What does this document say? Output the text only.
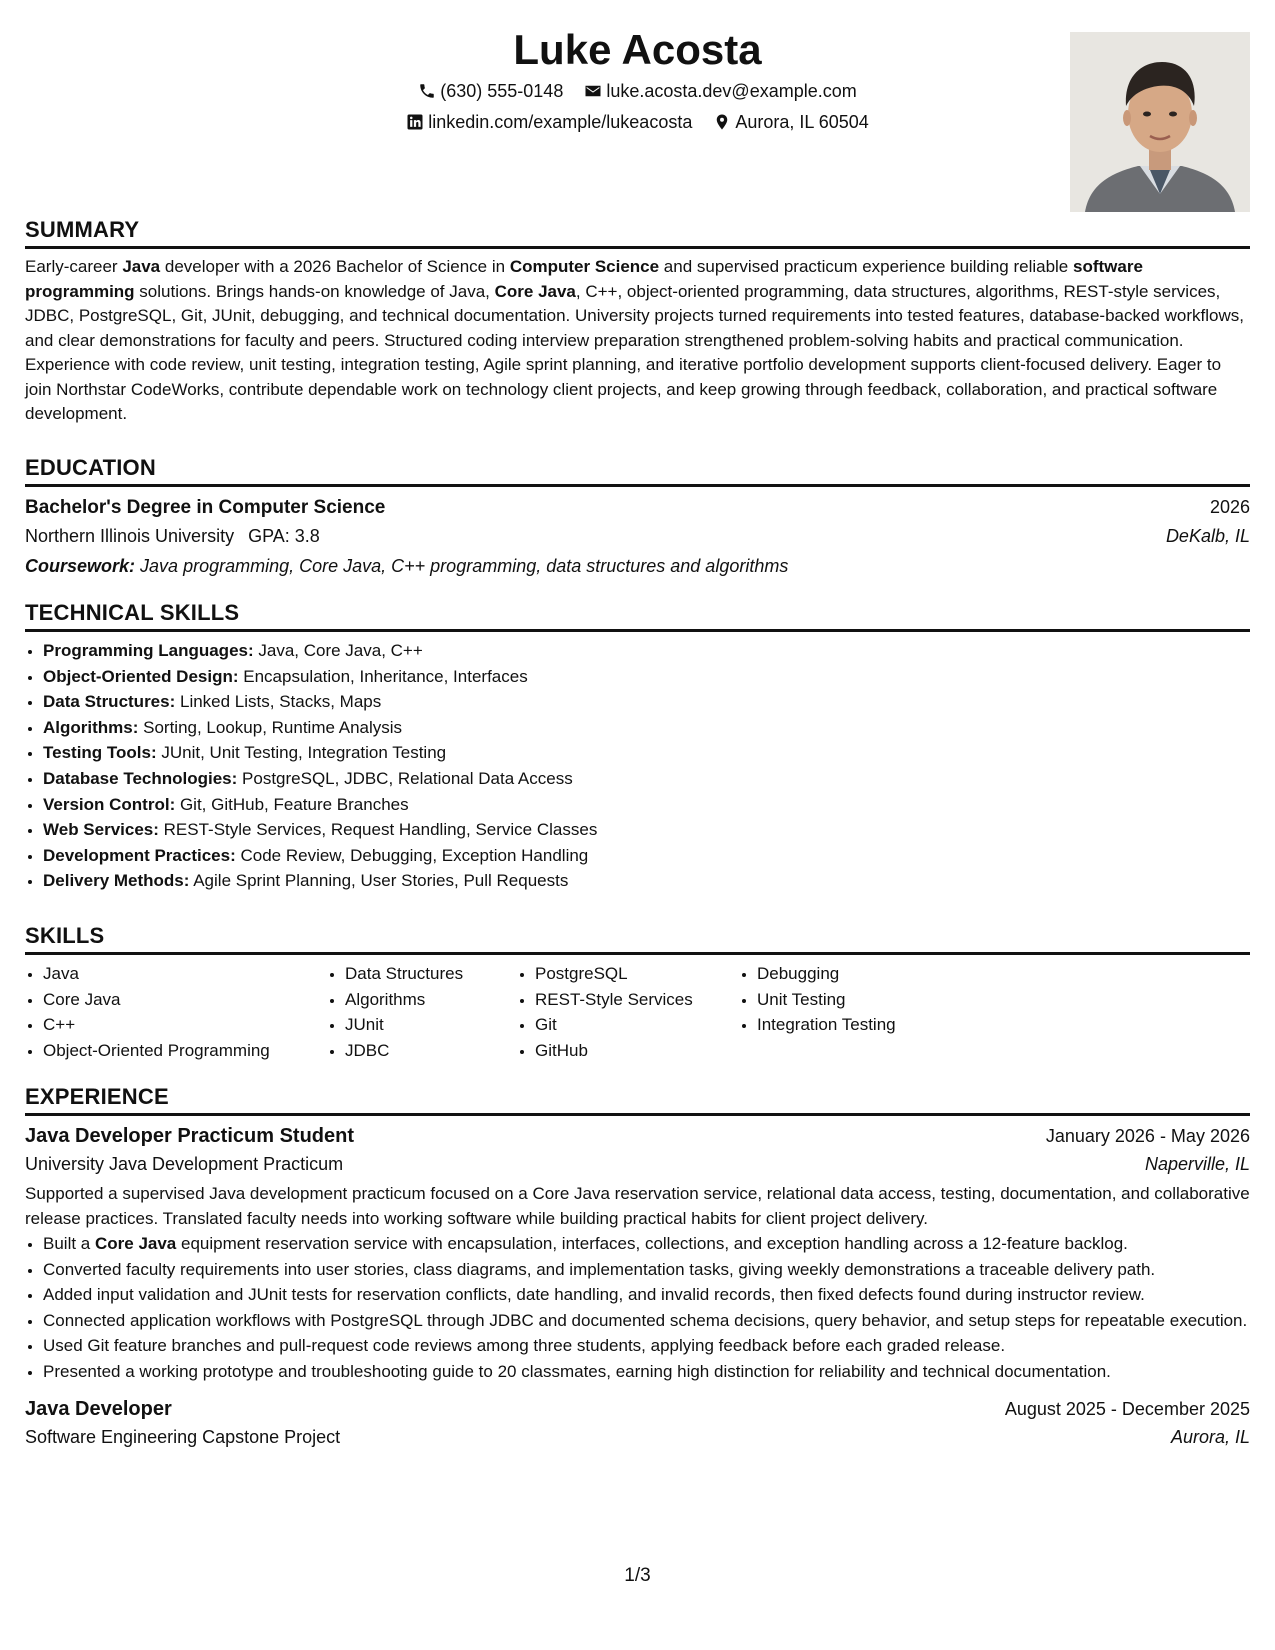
Luke Acosta
(630) 555-0148
luke.acosta.dev@example.com
linkedin.com/example/lukeacosta
Aurora, IL 60504
SUMMARY
Early-career Java developer with a 2026 Bachelor of Science in Computer Science and supervised practicum experience building reliable software programming solutions. Brings hands-on knowledge of Java, Core Java, C++, object-oriented programming, data structures, algorithms, REST-style services, JDBC, PostgreSQL, Git, JUnit, debugging, and technical documentation. University projects turned requirements into tested features, database-backed workflows, and clear demonstrations for faculty and peers. Structured coding interview preparation strengthened problem-solving habits and practical communication. Experience with code review, unit testing, integration testing, Agile sprint planning, and iterative portfolio development supports client-focused delivery. Eager to join Northstar CodeWorks, contribute dependable work on technology client projects, and keep growing through feedback, collaboration, and practical software development.
EDUCATION
Bachelor's Degree in Computer Science	2026
Northern Illinois University GPA: 3.8	DeKalb, IL
Coursework: Java programming, Core Java, C++ programming, data structures and algorithms
TECHNICAL SKILLS
• Programming Languages: Java, Core Java, C++
• Object-Oriented Design: Encapsulation, Inheritance, Interfaces
• Data Structures: Linked Lists, Stacks, Maps
• Algorithms: Sorting, Lookup, Runtime Analysis
• Testing Tools: JUnit, Unit Testing, Integration Testing
• Database Technologies: PostgreSQL, JDBC, Relational Data Access
• Version Control: Git, GitHub, Feature Branches
• Web Services: REST-Style Services, Request Handling, Service Classes
• Development Practices: Code Review, Debugging, Exception Handling
• Delivery Methods: Agile Sprint Planning, User Stories, Pull Requests
SKILLS
• Java
• Core Java
• C++
• Object-Oriented Programming
• Data Structures
• Algorithms
• JUnit
• JDBC
• PostgreSQL
• REST-Style Services
• Git
• GitHub
• Debugging
• Unit Testing
• Integration Testing
EXPERIENCE
Java Developer Practicum Student	January 2026 - May 2026
University Java Development Practicum	Naperville, IL
Supported a supervised Java development practicum focused on a Core Java reservation service, relational data access, testing, documentation, and collaborative release practices. Translated faculty needs into working software while building practical habits for client project delivery.
• Built a Core Java equipment reservation service with encapsulation, interfaces, collections, and exception handling across a 12-feature backlog.
• Converted faculty requirements into user stories, class diagrams, and implementation tasks, giving weekly demonstrations a traceable delivery path.
• Added input validation and JUnit tests for reservation conflicts, date handling, and invalid records, then fixed defects found during instructor review.
• Connected application workflows with PostgreSQL through JDBC and documented schema decisions, query behavior, and setup steps for repeatable execution.
• Used Git feature branches and pull-request code reviews among three students, applying feedback before each graded release.
• Presented a working prototype and troubleshooting guide to 20 classmates, earning high distinction for reliability and technical documentation.
Java Developer	August 2025 - December 2025
Software Engineering Capstone Project	Aurora, IL
1/3
